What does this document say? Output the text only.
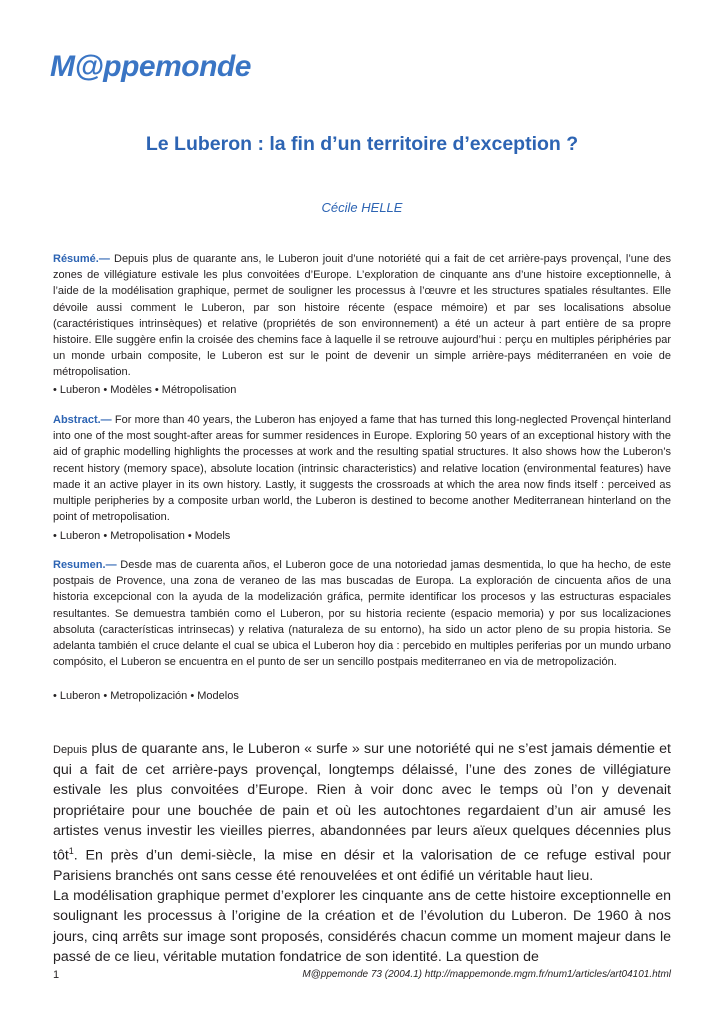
M@ppemonde

Le Luberon : la fin d’un territoire d’exception ?

Cécile HELLE

Résumé.— Depuis plus de quarante ans, le Luberon jouit d’une notoriété qui a fait de cet arrière-pays provençal, l’une des zones de villégiature estivale les plus convoitées d’Europe. L’exploration de cinquante ans d’une histoire exceptionnelle, à l’aide de la modélisation graphique, permet de souligner les processus à l’œuvre et les structures spatiales résultantes. Elle dévoile aussi comment le Luberon, par son histoire récente (espace mémoire) et par ses localisations absolue (caractéristiques intrinsèques) et relative (propriétés de son environnement) a été un acteur à part entière de sa propre histoire. Elle suggère enfin la croisée des chemins face à laquelle il se retrouve aujourd’hui : perçu en multiples périphéries par un monde urbain composite, le Luberon est sur le point de devenir un simple arrière-pays méditerranéen en voie de métropolisation.

• Luberon • Modèles • Métropolisation

Abstract.— For more than 40 years, the Luberon has enjoyed a fame that has turned this long-neglected Provençal hinterland into one of the most sought-after areas for summer residences in Europe. Exploring 50 years of an exceptional history with the aid of graphic modelling highlights the processes at work and the resulting spatial structures. It also shows how the Luberon’s recent history (memory space), absolute location (intrinsic characteristics) and relative location (environmental features) have made it an active player in its own history. Lastly, it suggests the crossroads at which the area now finds itself : perceived as multiple peripheries by a composite urban world, the Luberon is destined to become another Mediterranean hinterland on the point of metropolisation.

• Luberon • Metropolisation • Models

Resumen.— Desde mas de cuarenta años, el Luberon goce de una notoriedad jamas desmentida, lo que ha hecho, de este postpais de Provence, una zona de veraneo de las mas buscadas de Europa. La exploración de cincuenta años de una historia excepcional con la ayuda de la modelización gráfica, permite identificar los procesos y las estructuras espaciales resultantes. Se demuestra también como el Luberon, por su historia reciente (espacio memoria) y por sus localizaciones absoluta (características intrinsecas) y relativa (naturaleza de su entorno), ha sido un actor pleno de su propia historia. Se adelanta también el cruce delante el cual se ubica el Luberon hoy dia : percebido en multiples periferias por un mundo urbano compósito, el Luberon se encuentra en el punto de ser un sencillo postpais mediterraneo en via de metropolización.

• Luberon • Metropolización • Modelos

Depuis plus de quarante ans, le Luberon « surfe » sur une notoriété qui ne s’est jamais démentie et qui a fait de cet arrière-pays provençal, longtemps délaissé, l’une des zones de villégiature estivale les plus convoitées d’Europe. Rien à voir donc avec le temps où l’on y devenait propriétaire pour une bouchée de pain et où les autochtones regardaient d’un air amusé les artistes venus investir les vieilles pierres, abandonnées par leurs aïeux quelques décennies plus tôt$^1$. En près d’un demi-siècle, la mise en désir et la valorisation de ce refuge estival pour Parisiens branchés ont sans cesse été renouvelées et ont édifié un véritable haut lieu.

La modélisation graphique permet d’explorer les cinquante ans de cette histoire exceptionnelle en soulignant les processus à l’origine de la création et de l’évolution du Luberon. De 1960 à nos jours, cinq arrêts sur image sont proposés, considérés chacun comme un moment majeur dans le passé de ce lieu, véritable mutation fondatrice de son identité. La question de

1	M@ppemonde 73 (2004.1) http://mappemonde.mgm.fr/num1/articles/art04101.html
